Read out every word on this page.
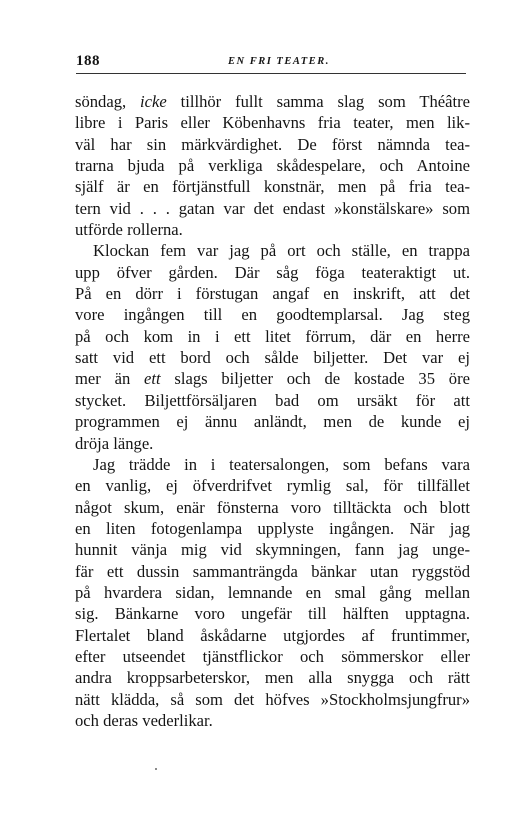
188	EN FRI TEATER.
söndag, icke tillhör fullt samma slag som Théâtre
libre i Paris eller Köbenhavns fria teater, men lik-
väl har sin märkvärdighet. De först nämnda tea-
trarna bjuda på verkliga skådespelare, och Antoine
själf är en förtjänstfull konstnär, men på fria tea-
tern vid . . . gatan var det endast »konstälskare» som
utförde rollerna.
Klockan fem var jag på ort och ställe, en trappa
upp öfver gården. Där såg föga teateraktigt ut.
På en dörr i förstugan angaf en inskrift, att det
vore ingången till en goodtemplarsal. Jag steg
på och kom in i ett litet förrum, där en herre
satt vid ett bord och sålde biljetter. Det var ej
mer än ett slags biljetter och de kostade 35 öre
stycket. Biljettförsäljaren bad om ursäkt för att
programmen ej ännu anländt, men de kunde ej
dröja länge.
Jag trädde in i teatersalongen, som befans vara
en vanlig, ej öfverdrifvet rymlig sal, för tillfället
något skum, enär fönsterna voro tilltäckta och blott
en liten fotogenlampa upplyste ingången. När jag
hunnit vänja mig vid skymningen, fann jag unge-
fär ett dussin sammanträngda bänkar utan ryggstöd
på hvardera sidan, lemnande en smal gång mellan
sig. Bänkarne voro ungefär till hälften upptagna.
Flertalet bland åskådarne utgjordes af fruntimmer,
efter utseendet tjänstflickor och sömmerskor eller
andra kroppsarbeterskor, men alla snygga och rätt
nätt klädda, så som det höfves »Stockholmsjungfrur»
och deras vederlikar.
